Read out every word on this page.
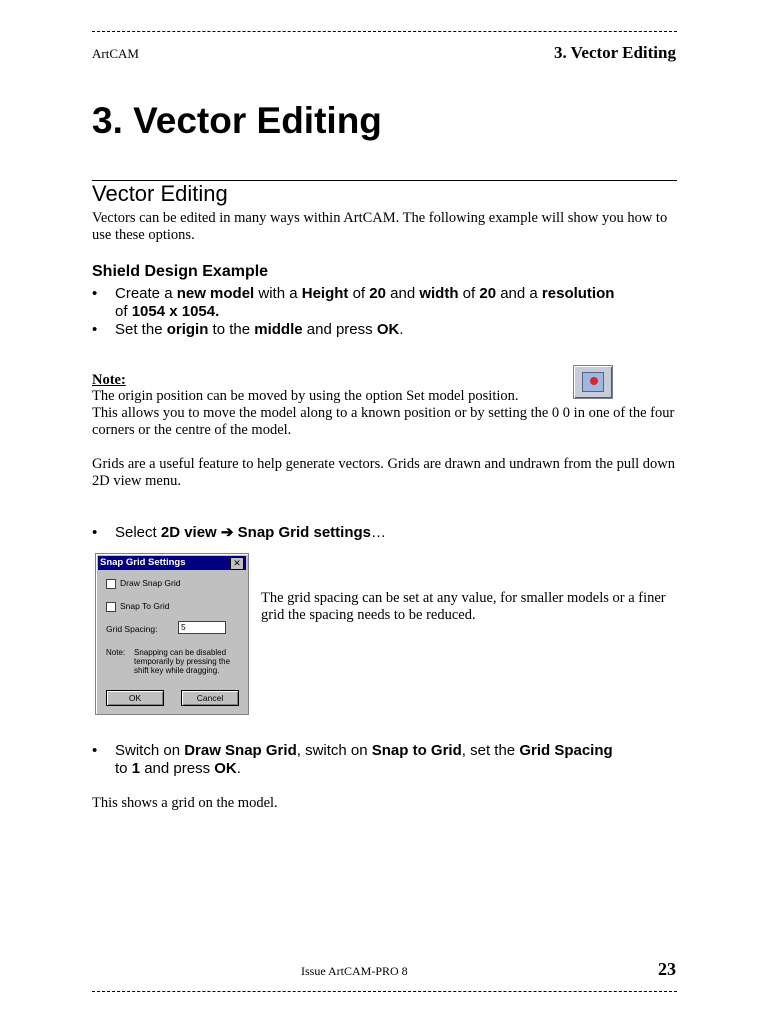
ArtCAM	3. Vector Editing
3. Vector Editing
Vector Editing
Vectors can be edited in many ways within ArtCAM. The following example will show you how to use these options.
Shield Design Example
• Create a new model with a Height of 20 and width of 20 and a resolution
of 1054 x 1054.
• Set the origin to the middle and press OK.
Note:
The origin position can be moved by using the option Set model position.
This allows you to move the model along to a known position or by setting the 0 0 in one of the four corners or the centre of the model.
Grids are a useful feature to help generate vectors. Grids are drawn and undrawn from the pull down 2D view menu.
• Select 2D view ➔ Snap Grid settings…
Snap Grid Settings	✕
Draw Snap Grid
Snap To Grid
Grid Spacing:	5
Note: Snapping can be disabled temporarily by pressing the shift key while dragging.
OK	Cancel
The grid spacing can be set at any value, for smaller models or a finer grid the spacing needs to be reduced.
• Switch on Draw Snap Grid, switch on Snap to Grid, set the Grid Spacing
to 1 and press OK.
This shows a grid on the model.
Issue ArtCAM-PRO 8	23
